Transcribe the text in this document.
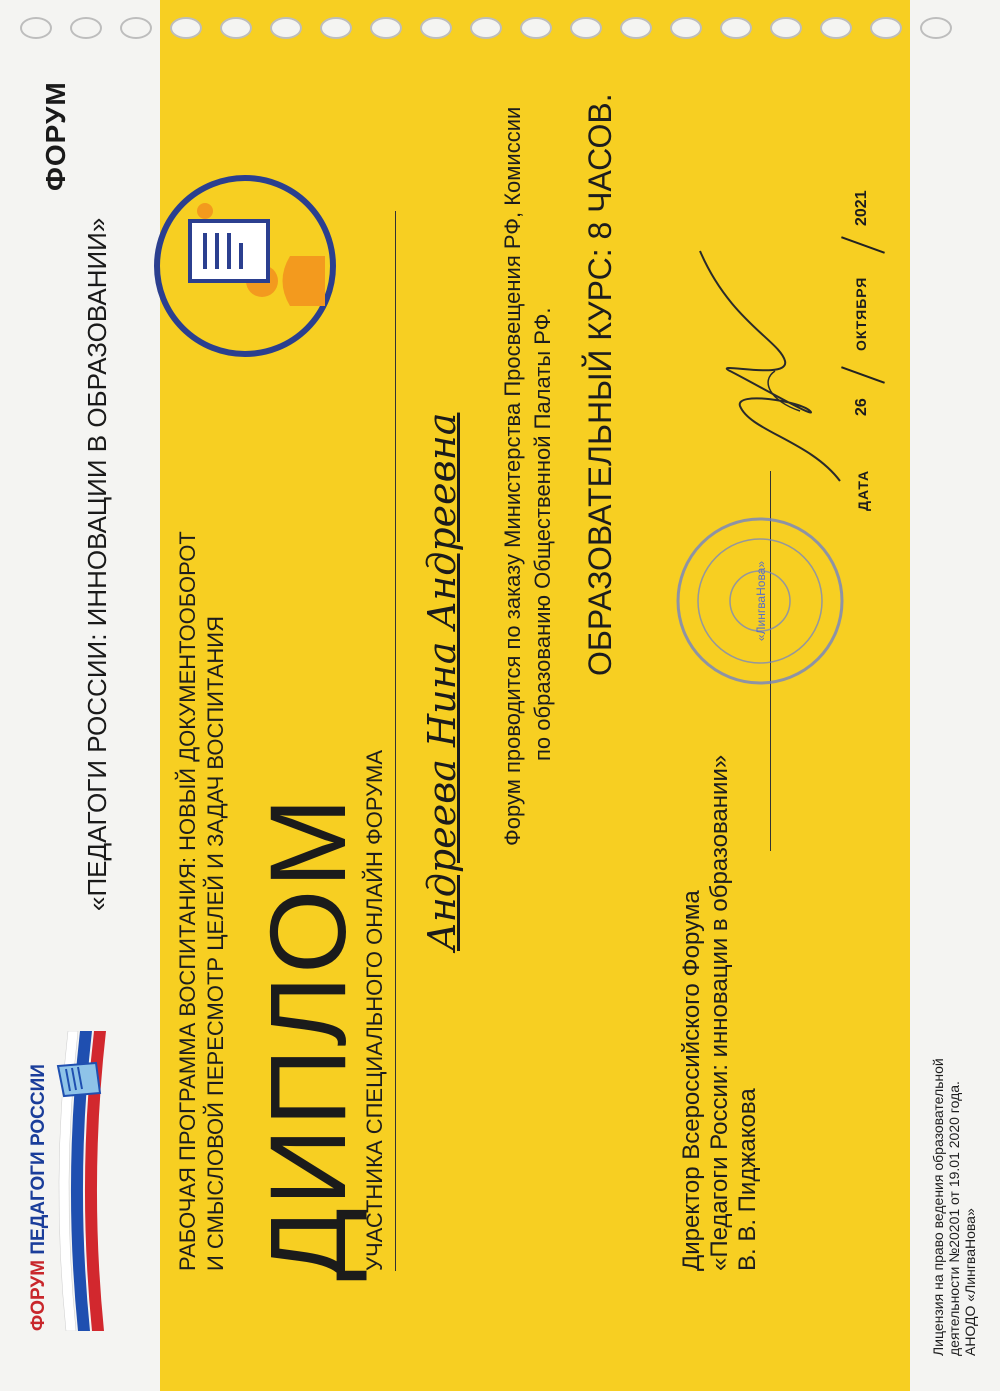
ФОРУМ ПЕДАГОГИ РОССИИ
ФОРУМ
«ПЕДАГОГИ РОССИИ: ИННОВАЦИИ В ОБРАЗОВАНИИ»	РАБОЧАЯ ПРОГРАММА ВОСПИТАНИЯ: НОВЫЙ ДОКУМЕНТООБОРОТ И СМЫСЛОВОЙ ПЕРЕСМОТР ЦЕЛЕЙ И ЗАДАЧ ВОСПИТАНИЯ ДИПЛОМ
УЧАСТНИКА СПЕЦИАЛЬНОГО ОНЛАЙН ФОРУМА
Андреева Нина Андреевна Форум проводится по заказу Министерства Просвещения РФ, Комиссии по образованию Общественной Палаты РФ. ОБРАЗОВАТЕЛЬНЫЙ КУРС: 8 ЧАСОВ.
Директор Всероссийского Форума «Педагоги России: инновации в образовании» В. В. Пиджакова
«ЛингваНова»
ДАТА
26
ОКТЯБРЯ
2021
Лицензия на право ведения образовательной деятельности №20201 от 19.01 2020 года. АНОДО «ЛингваНова»
